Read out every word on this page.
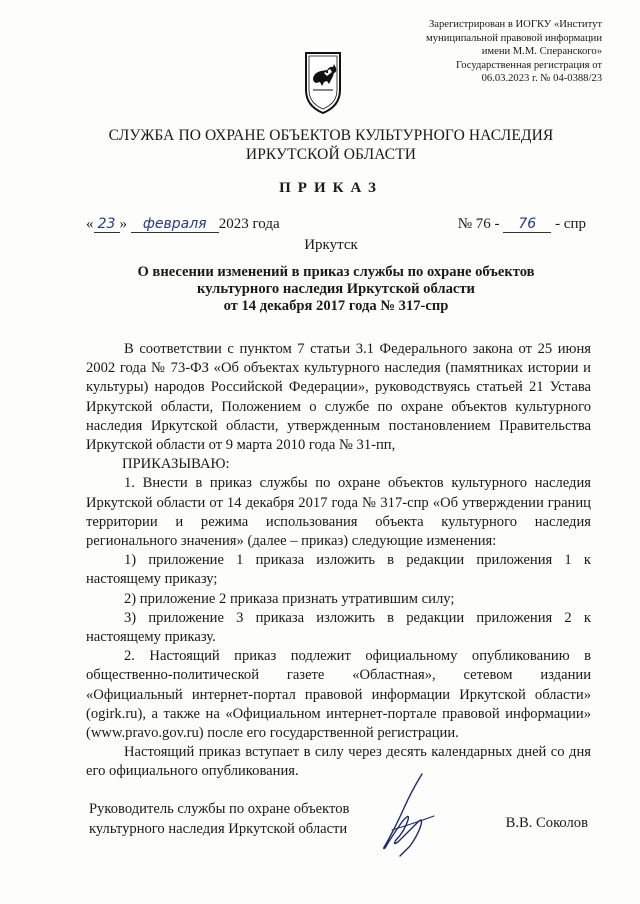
Зарегистрирован в ИОГКУ «Институт
муниципальной правовой информации
имени М.М. Сперанского»
Государственная регистрация от
06.03.2023 г. № 04-0388/23
СЛУЖБА ПО ОХРАНЕ ОБЪЕКТОВ КУЛЬТУРНОГО НАСЛЕДИЯ
ИРКУТСКОЙ ОБЛАСТИ
ПРИКАЗ
« 23 » февраля 2023 года	№ 76 - 76 - спр
Иркутск
О внесении изменений в приказ службы по охране объектов
культурного наследия Иркутской области
от 14 декабря 2017 года № 317-спр

В соответствии с пунктом 7 статьи 3.1 Федерального закона от 25 июня 2002 года № 73-ФЗ «Об объектах культурного наследия (памятниках истории и культуры) народов Российской Федерации», руководствуясь статьей 21 Устава Иркутской области, Положением о службе по охране объектов культурного наследия Иркутской области, утвержденным постановлением Правительства Иркутской области от 9 марта 2010 года № 31-пп,

ПРИКАЗЫВАЮ:

1. Внести в приказ службы по охране объектов культурного наследия Иркутской области от 14 декабря 2017 года № 317-спр «Об утверждении границ территории и режима использования объекта культурного наследия регионального значения» (далее – приказ) следующие изменения:

1) приложение 1 приказа изложить в редакции приложения 1 к настоящему приказу;

2) приложение 2 приказа признать утратившим силу;

3) приложение 3 приказа изложить в редакции приложения 2 к настоящему приказу.

2. Настоящий приказ подлежит официальному опубликованию в общественно-политической газете «Областная», сетевом издании «Официальный интернет-портал правовой информации Иркутской области» (ogirk.ru), а также на «Официальном интернет-портале правовой информации» (www.pravo.gov.ru) после его государственной регистрации.

Настоящий приказ вступает в силу через десять календарных дней со дня его официального опубликования.

Руководитель службы по охране объектов
культурного наследия Иркутской области	В.В. Соколов
